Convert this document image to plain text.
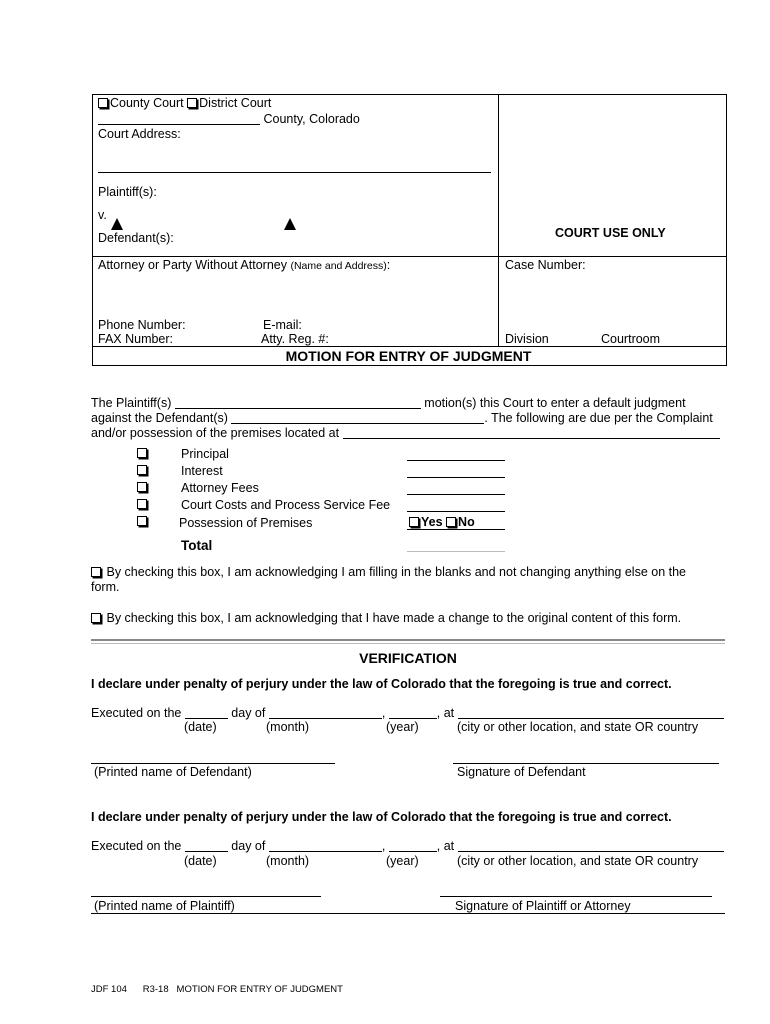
County Court District Court
County, Colorado
Court Address:
Plaintiff(s):
v.
Defendant(s):	COURT USE ONLY
Attorney or Party Without Attorney (Name and Address):	Case Number:
Phone Number:	E-mail:
FAX Number:	Atty. Reg. #:	Division	Courtroom
MOTION FOR ENTRY OF JUDGMENT
The Plaintiff(s)	motion(s) this Court to enter a default judgment
against the Defendant(s)	. The following are due per the Complaint
and/or possession of the premises located at
Principal
Interest
Attorney Fees
Court Costs and Process Service Fee
Possession of Premises	Yes No
Total
By checking this box, I am acknowledging I am filling in the blanks and not changing anything else on the
form.
By checking this box, I am acknowledging that I have made a change to the original content of this form.
VERIFICATION
I declare under penalty of perjury under the law of Colorado that the foregoing is true and correct.
Executed on the	day of	,	, at
(date)	(month)	(year)	(city or other location, and state OR country
(Printed name of Defendant)	Signature of Defendant
I declare under penalty of perjury under the law of Colorado that the foregoing is true and correct.
Executed on the	day of	,	, at
(date)	(month)	(year)	(city or other location, and state OR country
(Printed name of Plaintiff)	Signature of Plaintiff or Attorney
JDF 104 R3-18 MOTION FOR ENTRY OF JUDGMENT
